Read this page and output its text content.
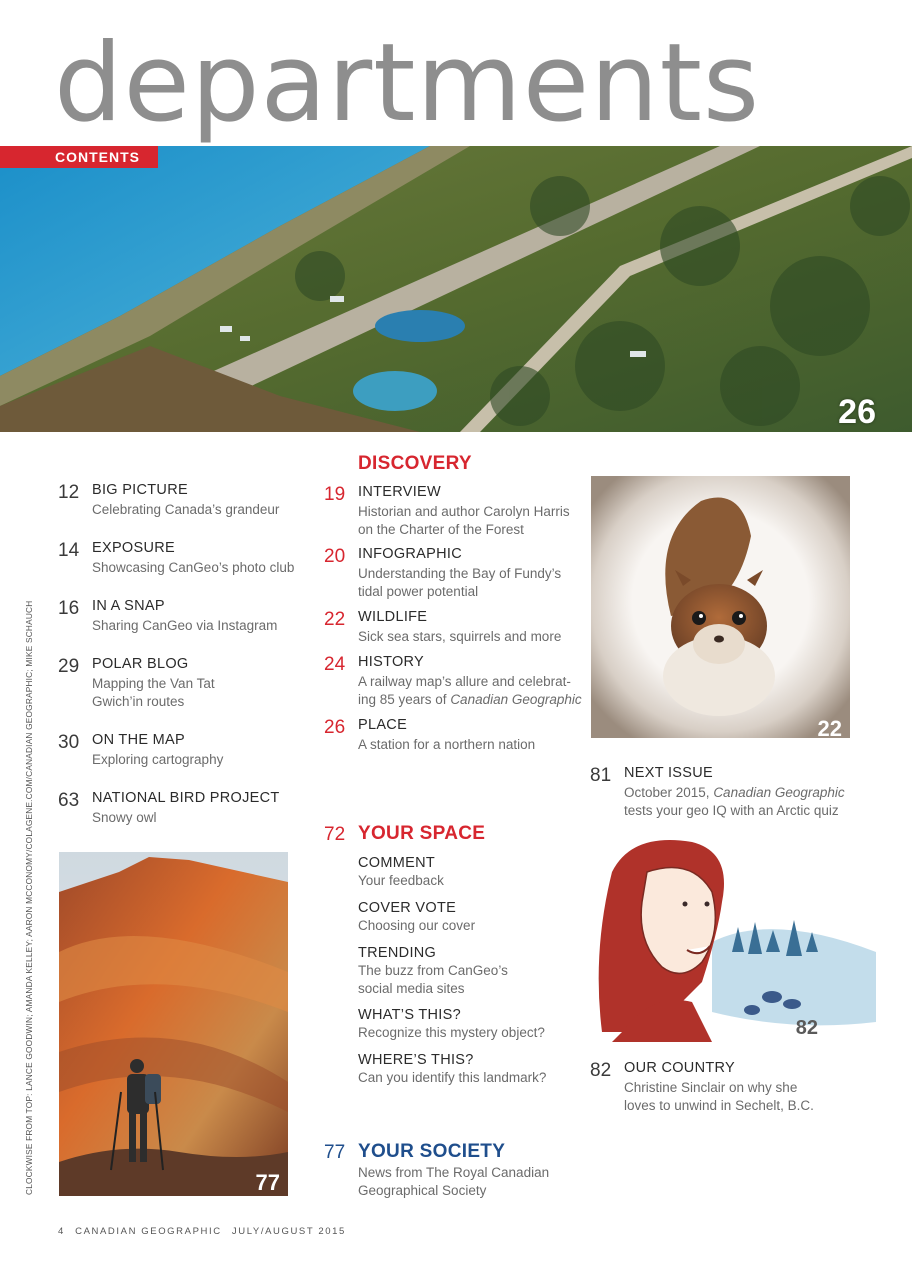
26
departments
CONTENTS
CLOCKWISE FROM TOP: LANCE GOODWIN; AMANDA KELLEY; AARON MCCONOMY/COLAGENE.COM/CANADIAN GEOGRAPHIC; MIKE SCHAUCH
12 BIG PICTURE
Celebrating Canada’s grandeur
14 EXPOSURE
Showcasing CanGeo’s photo club
16 IN A SNAP
Sharing CanGeo via Instagram
29 POLAR BLOG
Mapping the Van Tat
Gwich’in routes
30 ON THE MAP
Exploring cartography
63 NATIONAL BIRD PROJECT
Snowy owl
77
DISCOVERY
19 INTERVIEW
Historian and author Carolyn Harris
on the Charter of the Forest
20 INFOGRAPHIC
Understanding the Bay of Fundy’s
tidal power potential
22 WILDLIFE
Sick sea stars, squirrels and more
24 HISTORY
A railway map’s allure and celebrat-
ing 85 years of Canadian Geographic
26 PLACE
A station for a northern nation
72 YOUR SPACE
COMMENT
Your feedback
COVER VOTE
Choosing our cover
TRENDING
The buzz from CanGeo’s
social media sites
WHAT’S THIS?
Recognize this mystery object?
WHERE’S THIS?
Can you identify this landmark?
77 YOUR SOCIETY
News from The Royal Canadian
Geographical Society
22
81 NEXT ISSUE
October 2015, Canadian Geographic
tests your geo IQ with an Arctic quiz
82
82 OUR COUNTRY
Christine Sinclair on why she
loves to unwind in Sechelt, B.C.
4 CANADIAN GEOGRAPHIC JULY/AUGUST 2015
